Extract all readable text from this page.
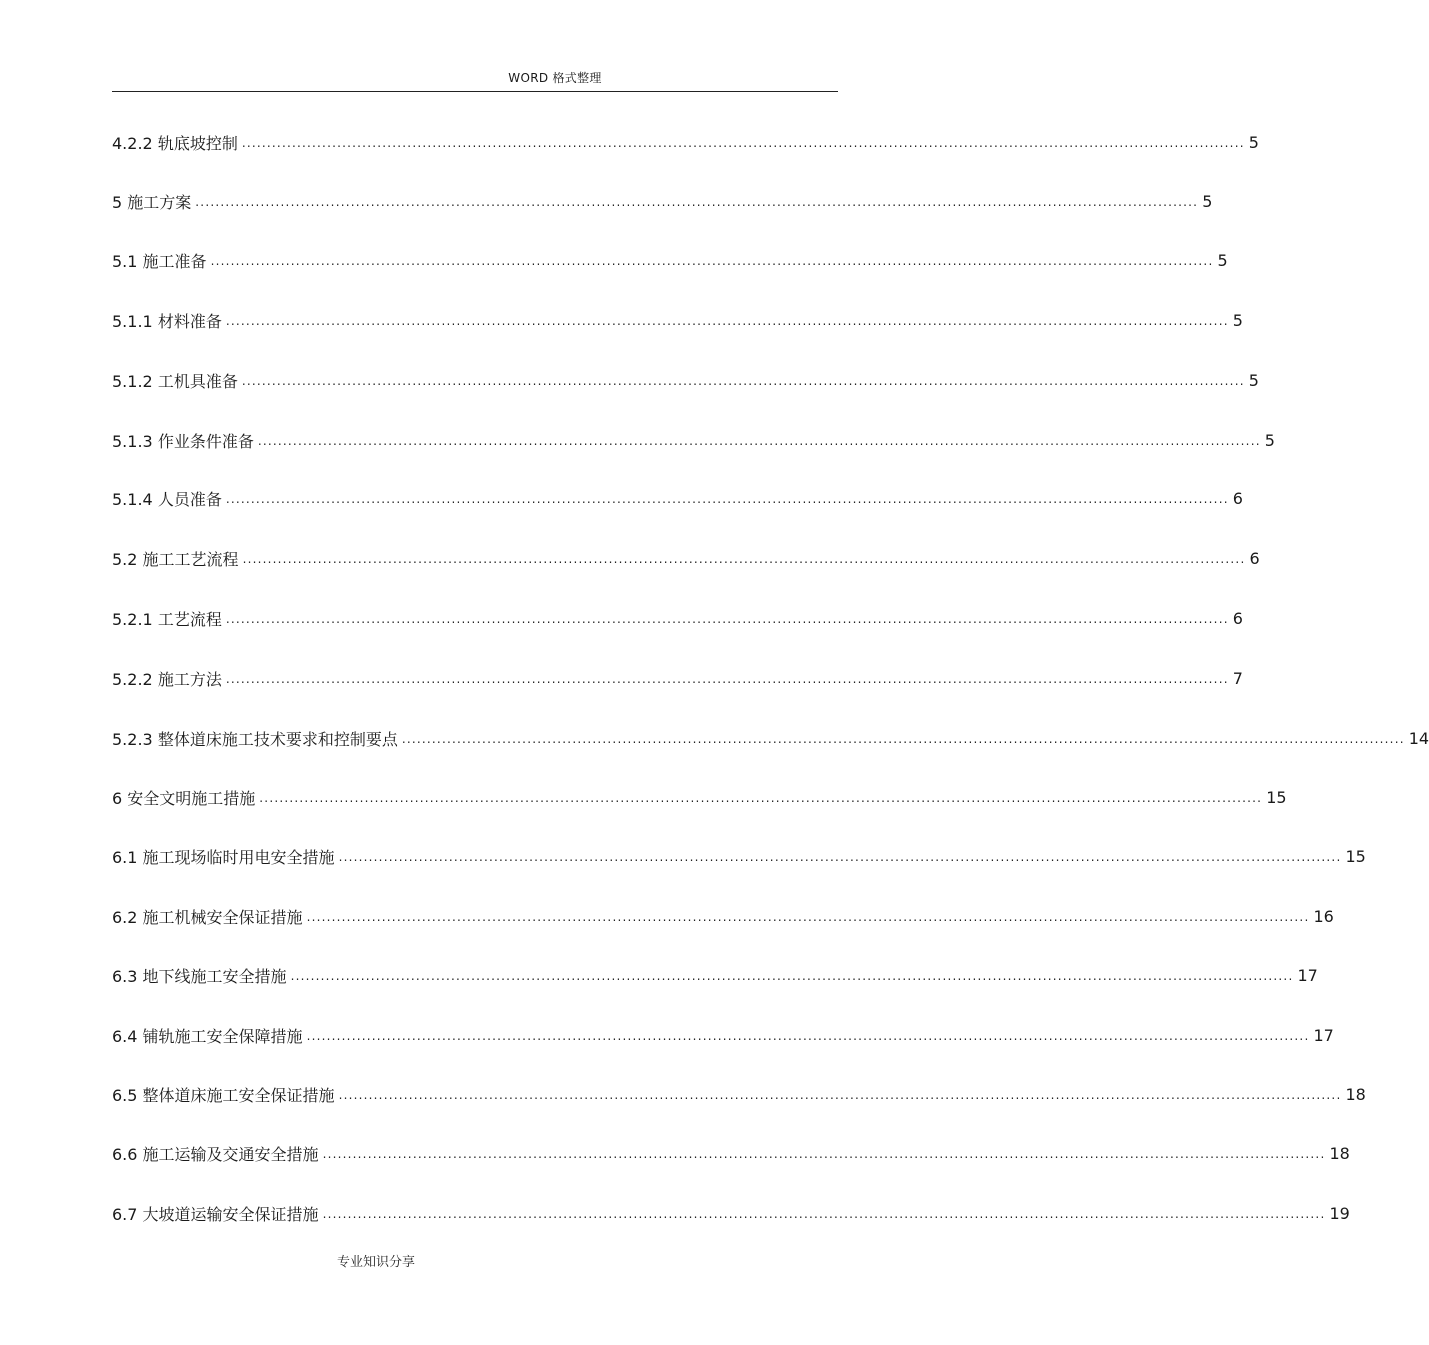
WORD 格式整理
4.2.2 轨底坡控制 ........................................................................................................................................................................................................ 5
5 施工方案 ........................................................................................................................................................................................................ 5
5.1 施工准备 ........................................................................................................................................................................................................ 5
5.1.1 材料准备 ........................................................................................................................................................................................................ 5
5.1.2 工机具准备 ........................................................................................................................................................................................................ 5
5.1.3 作业条件准备 ........................................................................................................................................................................................................ 5
5.1.4 人员准备 ........................................................................................................................................................................................................ 6
5.2 施工工艺流程 ........................................................................................................................................................................................................ 6
5.2.1 工艺流程 ........................................................................................................................................................................................................ 6
5.2.2 施工方法 ........................................................................................................................................................................................................ 7
5.2.3 整体道床施工技术要求和控制要点 ........................................................................................................................................................................................................ 14
6 安全文明施工措施 ........................................................................................................................................................................................................ 15
6.1 施工现场临时用电安全措施 ........................................................................................................................................................................................................ 15
6.2 施工机械安全保证措施 ........................................................................................................................................................................................................ 16
6.3 地下线施工安全措施 ........................................................................................................................................................................................................ 17
6.4 铺轨施工安全保障措施 ........................................................................................................................................................................................................ 17
6.5 整体道床施工安全保证措施 ........................................................................................................................................................................................................ 18
6.6 施工运输及交通安全措施 ........................................................................................................................................................................................................ 18
6.7 大坡道运输安全保证措施 ........................................................................................................................................................................................................ 19
专业知识分享
